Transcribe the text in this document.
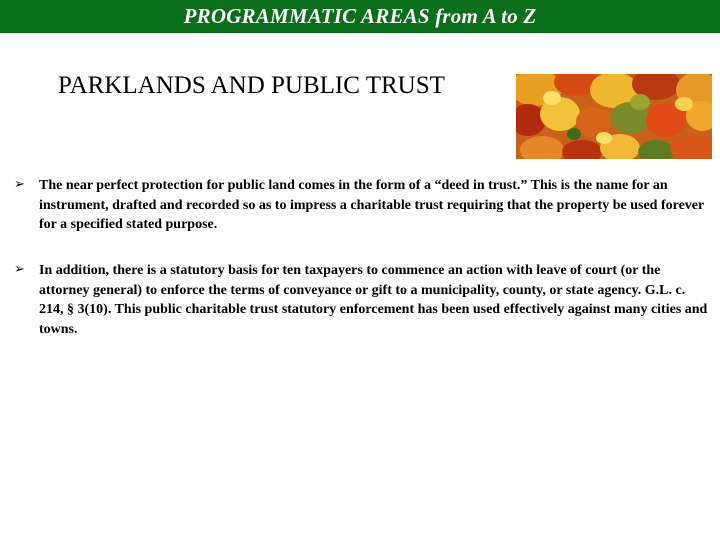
PROGRAMMATIC AREAS from A to Z
PARKLANDS AND PUBLIC TRUST
➢ The near perfect protection for public land comes in the form of a “deed in trust.” This is the name for an instrument, drafted and recorded so as to impress a charitable trust requiring that the property be used forever for a specified stated purpose.
➢ In addition, there is a statutory basis for ten taxpayers to commence an action with leave of court (or the attorney general) to enforce the terms of conveyance or gift to a municipality, county, or state agency. G.L. c. 214, § 3(10). This public charitable trust statutory enforcement has been used effectively against many cities and towns.
